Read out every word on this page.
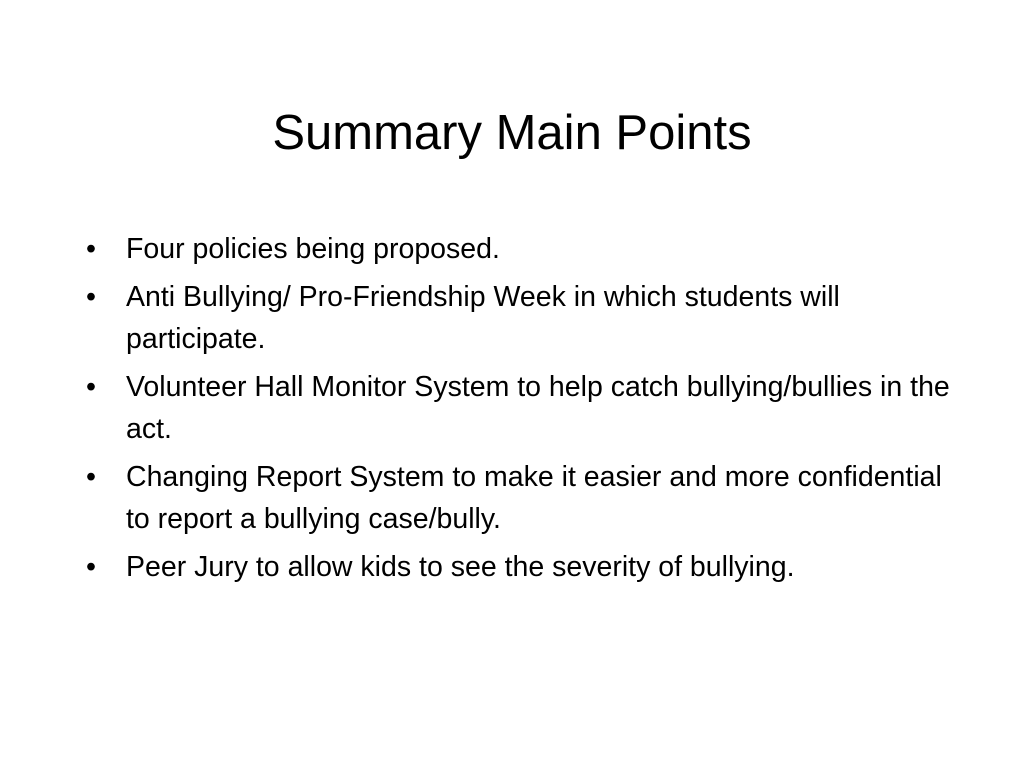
Summary Main Points
•	Four policies being proposed.
•	Anti Bullying/ Pro-Friendship Week in which students will participate.
•	Volunteer Hall Monitor System to help catch bullying/bullies in the act.
•	Changing Report System to make it easier and more confidential to report a bullying case/bully.
•	Peer Jury to allow kids to see the severity of bullying.
